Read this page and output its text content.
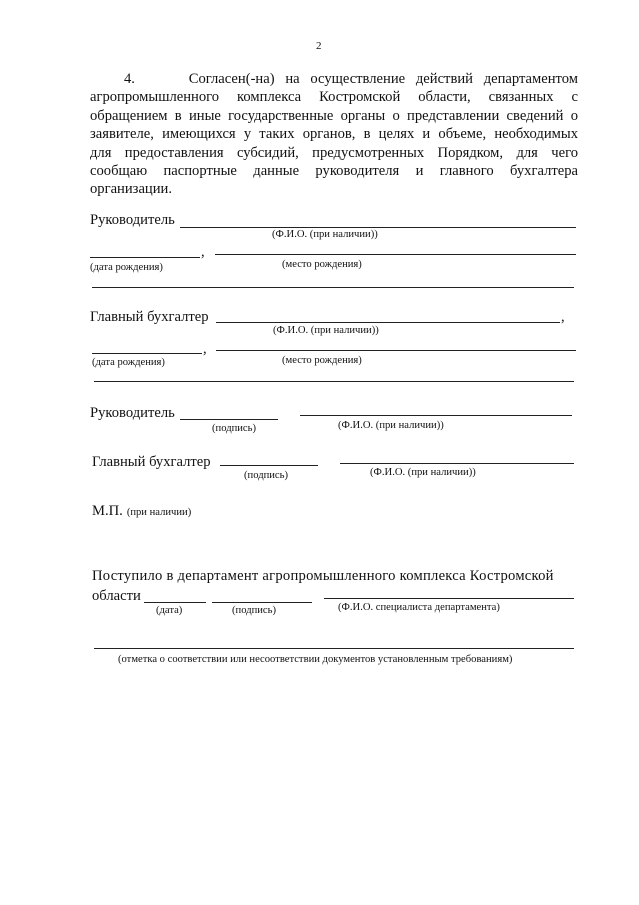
2
4.     Согласен(-на) на осуществление действий департаментом
агропромышленного комплекса Костромской области, связанных с
обращением в иные государственные органы о представлении сведений о
заявителе, имеющихся у таких органов, в целях и объеме, необходимых
для предоставления субсидий, предусмотренных Порядком, для чего
сообщаю паспортные данные руководителя и главного бухгалтера
организации.
Руководитель
(Ф.И.О. (при наличии))
,
(дата рождения)	(место рождения)
Главный бухгалтер	,
(Ф.И.О. (при наличии))
,
(дата рождения)	(место рождения)
Руководитель
(подпись)	(Ф.И.О. (при наличии))
Главный бухгалтер
(подпись)	(Ф.И.О. (при наличии))
М.П. (при наличии)
Поступило в департамент агропромышленного комплекса Костромской
области
(дата)	(подпись)	(Ф.И.О. специалиста департамента)
(отметка о соответствии или несоответствии документов установленным требованиям)
